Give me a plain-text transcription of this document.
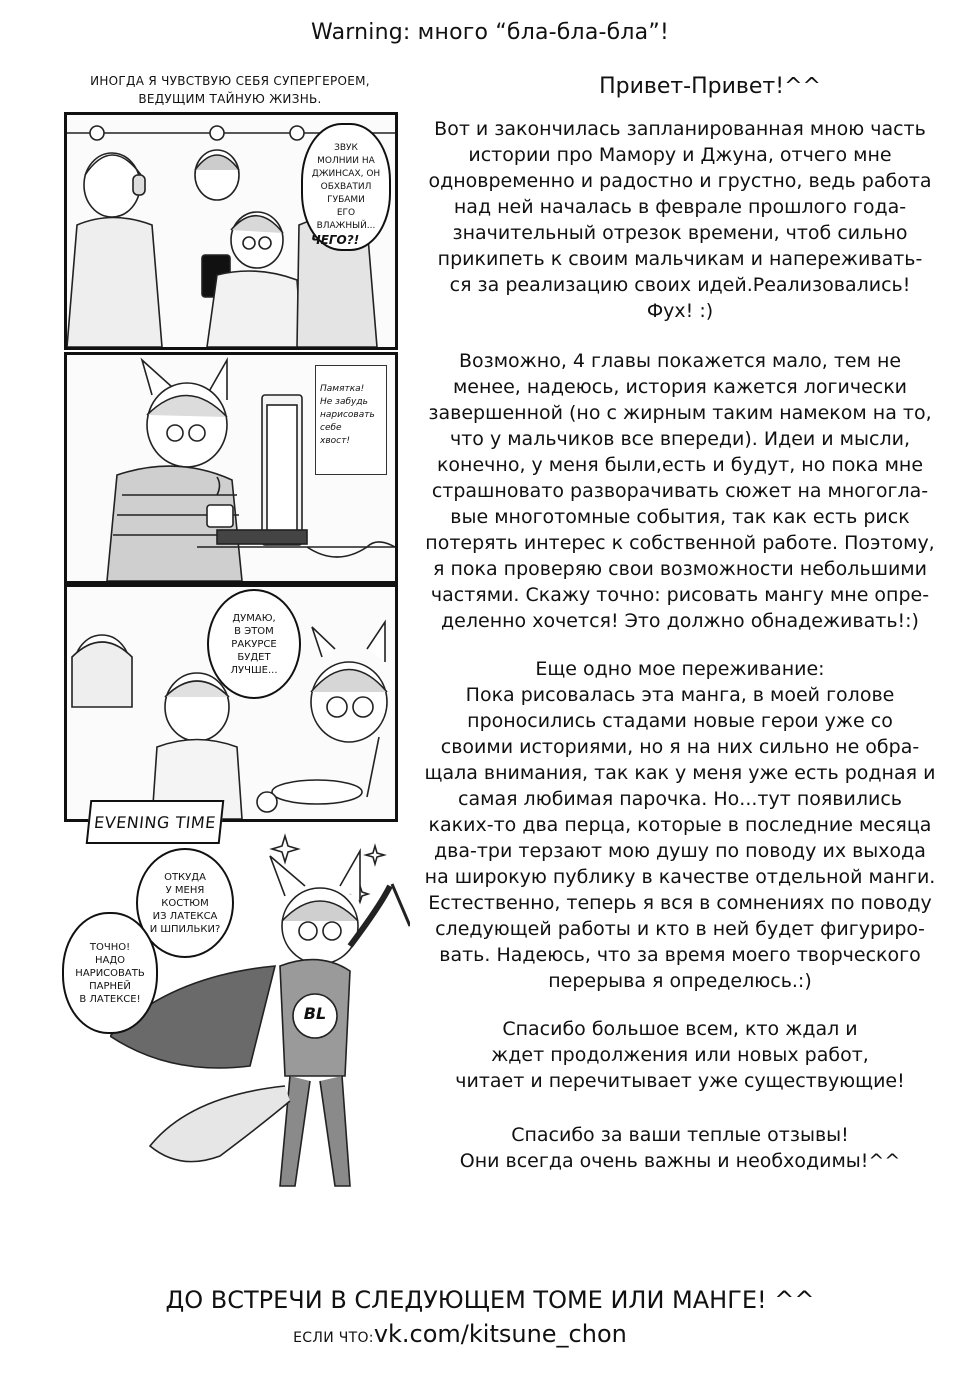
Warning: много “бла-бла-бла”!
ИНОГДА Я ЧУВСТВУЮ СЕБЯ СУПЕРГЕРОЕМ,
ВЕДУЩИМ ТАЙНУЮ ЖИЗНЬ.	Привет-Привет!^^
ЗВУК
МОЛНИИ НА
ДЖИНСАХ, ОН
ОБХВАТИЛ
ГУБАМИ
ЕГО
ВЛАЖНЫЙ...
ЧЕГО?!

Памятка!
Не забудь
нарисовать
себе
хвост!

ДУМАЮ,
В ЭТОМ
РАКУРСЕ
БУДЕТ
ЛУЧШЕ...
EVENING TIME
BL
ОТКУДА
У МЕНЯ
КОСТЮМ
ИЗ ЛАТЕКСА
И ШПИЛЬКИ?
ТОЧНО!
НАДО
НАРИСОВАТЬ
ПАРНЕЙ
В ЛАТЕКСЕ!
Вот и закончилась запланированная мною часть
истории про Мамору и Джуна, отчего мне
одновременно и радостно и грустно, ведь работа
над ней началась в феврале прошлого года-
значительный отрезок времени, чтоб сильно
прикипеть к своим мальчикам и напереживать-
ся за реализацию своих идей.Реализовались!
Фух! :)
Возможно, 4 главы покажется мало, тем не
менее, надеюсь, история кажется логически
завершенной (но с жирным таким намеком на то,
что у мальчиков все впереди). Идеи и мысли,
конечно, у меня были,есть и будут, но пока мне
страшновато разворачивать сюжет на многогла-
вые многотомные события, так как есть риск
потерять интерес к собственной работе. Поэтому,
я пока проверяю свои возможности небольшими
частями. Скажу точно: рисовать мангу мне опре-
деленно хочется! Это должно обнадеживать!:)
Еще одно мое переживание:
Пока рисовалась эта манга, в моей голове
проносились стадами новые герои уже со
своими историями, но я на них сильно не обра-
щала внимания, так как у меня уже есть родная и
самая любимая парочка. Но...тут появились
каких-то два перца, которые в последние месяца
два-три терзают мою душу по поводу их выхода
на широкую публику в качестве отдельной манги.
Естественно, теперь я вся в сомнениях по поводу
следующей работы и кто в ней будет фигуриро-
вать. Надеюсь, что за время моего творческого
перерыва я определюсь.:)
Спасибо большое всем, кто ждал и
ждет продолжения или новых работ,
читает и перечитывает уже существующие!
Спасибо за ваши теплые отзывы!
Они всегда очень важны и необходимы!^^
ДО ВСТРЕЧИ В СЛЕДУЮЩЕМ ТОМЕ ИЛИ МАНГЕ! ^^
ЕСЛИ ЧТО:vk.com/kitsune_chon
